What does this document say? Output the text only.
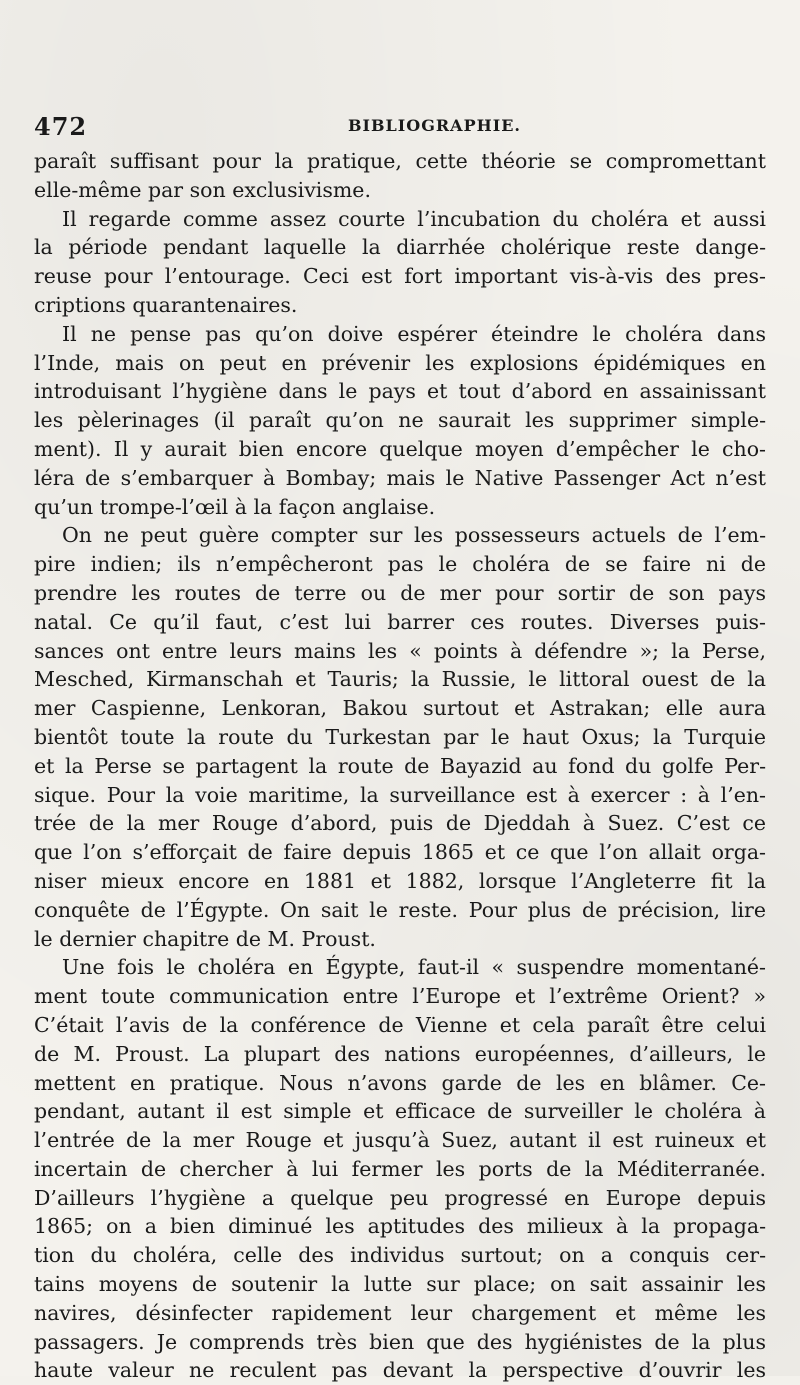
472	BIBLIOGRAPHIE.
paraît suffisant pour la pratique, cette théorie se compromettant
elle-même par son exclusivisme.
Il regarde comme assez courte l’incubation du choléra et aussi
la période pendant laquelle la diarrhée cholérique reste dange-
reuse pour l’entourage. Ceci est fort important vis-à-vis des pres-
criptions quarantenaires.
Il ne pense pas qu’on doive espérer éteindre le choléra dans
l’Inde, mais on peut en prévenir les explosions épidémiques en
introduisant l’hygiène dans le pays et tout d’abord en assainissant
les pèlerinages (il paraît qu’on ne saurait les supprimer simple-
ment). Il y aurait bien encore quelque moyen d’empêcher le cho-
léra de s’embarquer à Bombay; mais le Native Passenger Act n’est
qu’un trompe-l’œil à la façon anglaise.
On ne peut guère compter sur les possesseurs actuels de l’em-
pire indien; ils n’empêcheront pas le choléra de se faire ni de
prendre les routes de terre ou de mer pour sortir de son pays
natal. Ce qu’il faut, c’est lui barrer ces routes. Diverses puis-
sances ont entre leurs mains les « points à défendre »; la Perse,
Mesched, Kirmanschah et Tauris; la Russie, le littoral ouest de la
mer Caspienne, Lenkoran, Bakou surtout et Astrakan; elle aura
bientôt toute la route du Turkestan par le haut Oxus; la Turquie
et la Perse se partagent la route de Bayazid au fond du golfe Per-
sique. Pour la voie maritime, la surveillance est à exercer : à l’en-
trée de la mer Rouge d’abord, puis de Djeddah à Suez. C’est ce
que l’on s’efforçait de faire depuis 1865 et ce que l’on allait orga-
niser mieux encore en 1881 et 1882, lorsque l’Angleterre fit la
conquête de l’Égypte. On sait le reste. Pour plus de précision, lire
le dernier chapitre de M. Proust.
Une fois le choléra en Égypte, faut-il « suspendre momentané-
ment toute communication entre l’Europe et l’extrême Orient? »
C’était l’avis de la conférence de Vienne et cela paraît être celui
de M. Proust. La plupart des nations européennes, d’ailleurs, le
mettent en pratique. Nous n’avons garde de les en blâmer. Ce-
pendant, autant il est simple et efficace de surveiller le choléra à
l’entrée de la mer Rouge et jusqu’à Suez, autant il est ruineux et
incertain de chercher à lui fermer les ports de la Méditerranée.
D’ailleurs l’hygiène a quelque peu progressé en Europe depuis
1865; on a bien diminué les aptitudes des milieux à la propaga-
tion du choléra, celle des individus surtout; on a conquis cer-
tains moyens de soutenir la lutte sur place; on sait assainir les
navires, désinfecter rapidement leur chargement et même les
passagers. Je comprends très bien que des hygiénistes de la plus
haute valeur ne reculent pas devant la perspective d’ouvrir les
